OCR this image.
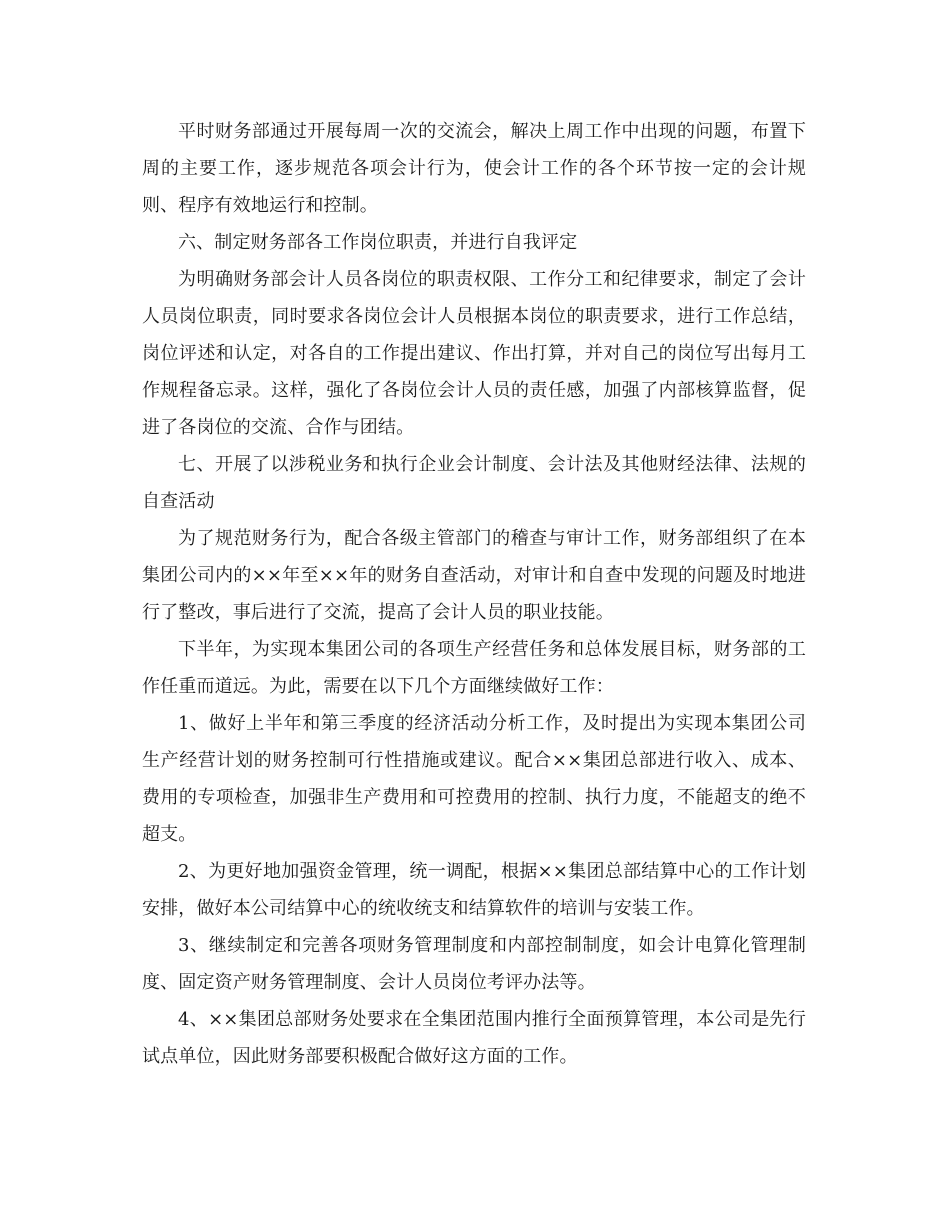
平时财务部通过开展每周一次的交流会，解决上周工作中出现的问题，布置下周的主要工作，逐步规范各项会计行为，使会计工作的各个环节按一定的会计规则、程序有效地运行和控制。

六、制定财务部各工作岗位职责，并进行自我评定

为明确财务部会计人员各岗位的职责权限、工作分工和纪律要求，制定了会计人员岗位职责，同时要求各岗位会计人员根据本岗位的职责要求，进行工作总结，岗位评述和认定，对各自的工作提出建议、作出打算，并对自己的岗位写出每月工作规程备忘录。这样，强化了各岗位会计人员的责任感，加强了内部核算监督，促进了各岗位的交流、合作与团结。

七、开展了以涉税业务和执行企业会计制度、会计法及其他财经法律、法规的自查活动

为了规范财务行为，配合各级主管部门的稽查与审计工作，财务部组织了在本集团公司内的××年至××年的财务自查活动，对审计和自查中发现的问题及时地进行了整改，事后进行了交流，提高了会计人员的职业技能。

下半年，为实现本集团公司的各项生产经营任务和总体发展目标，财务部的工作任重而道远。为此，需要在以下几个方面继续做好工作：

1、做好上半年和第三季度的经济活动分析工作，及时提出为实现本集团公司生产经营计划的财务控制可行性措施或建议。配合××集团总部进行收入、成本、费用的专项检查，加强非生产费用和可控费用的控制、执行力度，不能超支的绝不超支。

2、为更好地加强资金管理，统一调配，根据××集团总部结算中心的工作计划安排，做好本公司结算中心的统收统支和结算软件的培训与安装工作。

3、继续制定和完善各项财务管理制度和内部控制制度，如会计电算化管理制度、固定资产财务管理制度、会计人员岗位考评办法等。

4、××集团总部财务处要求在全集团范围内推行全面预算管理，本公司是先行试点单位，因此财务部要积极配合做好这方面的工作。
